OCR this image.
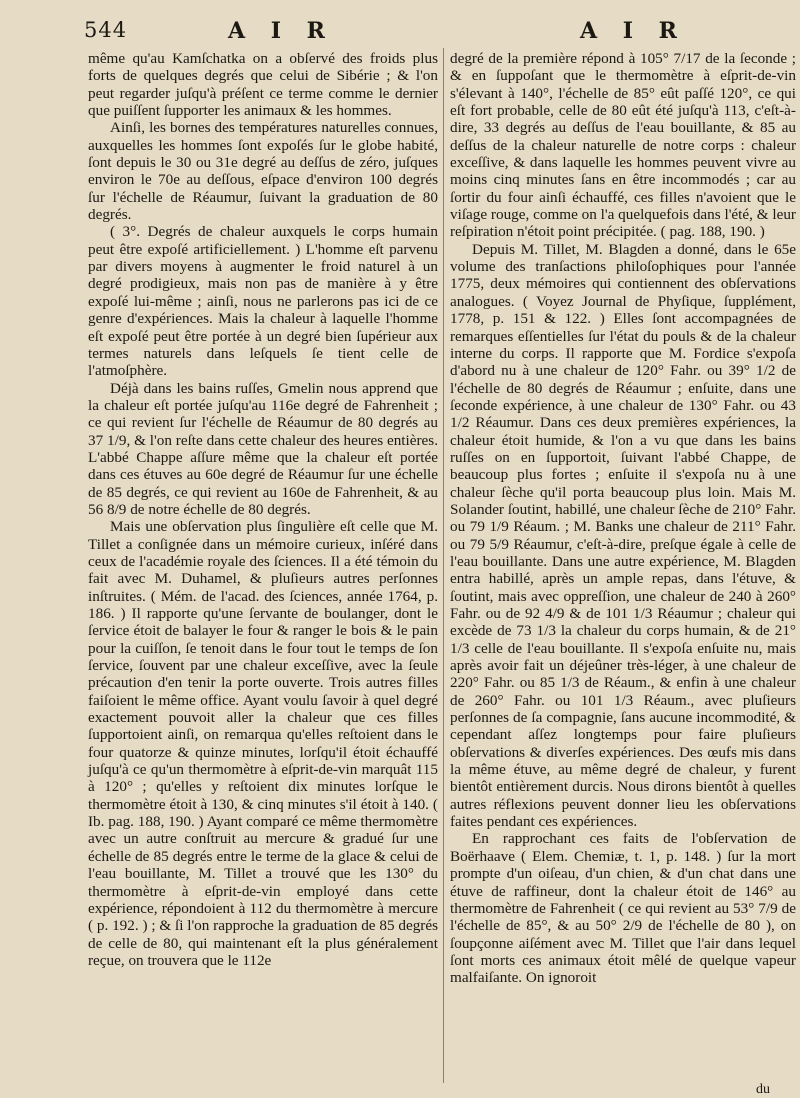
544	A I R	A I R

même qu'au Kamſchatka on a obſervé des froids plus forts de quelques degrés que celui de Sibérie ; & l'on peut regarder juſqu'à préſent ce terme comme le dernier que puiſſent ſupporter les animaux & les hommes.

Ainſi, les bornes des températures naturelles connues, auxquelles les hommes ſont expoſés ſur le globe habité, ſont depuis le 30 ou 31e degré au deſſus de zéro, juſques environ le 70e au deſſous, eſpace d'environ 100 degrés ſur l'échelle de Réaumur, ſuivant la graduation de 80 degrés.

( 3°. Degrés de chaleur auxquels le corps humain peut être expoſé artificiellement. ) L'homme eſt parvenu par divers moyens à augmenter le froid naturel à un degré prodigieux, mais non pas de manière à y être expoſé lui-même ; ainſi, nous ne parlerons pas ici de ce genre d'expériences. Mais la chaleur à laquelle l'homme eſt expoſé peut être portée à un degré bien ſupérieur aux termes naturels dans leſquels ſe tient celle de l'atmoſphère.

Déjà dans les bains ruſſes, Gmelin nous apprend que la chaleur eſt portée juſqu'au 116e degré de Fahrenheit ; ce qui revient ſur l'échelle de Réaumur de 80 degrés au 37 1/9, & l'on reſte dans cette chaleur des heures entières. L'abbé Chappe aſſure même que la chaleur eſt portée dans ces étuves au 60e degré de Réaumur ſur une échelle de 85 degrés, ce qui revient au 160e de Fahrenheit, & au 56 8/9 de notre échelle de 80 degrés.

Mais une obſervation plus ſingulière eſt celle que M. Tillet a conſignée dans un mémoire curieux, inſéré dans ceux de l'académie royale des ſciences. Il a été témoin du fait avec M. Duhamel, & pluſieurs autres perſonnes inſtruites. ( Mém. de l'acad. des ſciences, année 1764, p. 186. ) Il rapporte qu'une ſervante de boulanger, dont le ſervice étoit de balayer le four & ranger le bois & le pain pour la cuiſſon, ſe tenoit dans le four tout le temps de ſon ſervice, ſouvent par une chaleur exceſſive, avec la ſeule précaution d'en tenir la porte ouverte. Trois autres filles faiſoient le même office. Ayant voulu ſavoir à quel degré exactement pouvoit aller la chaleur que ces filles ſupportoient ainſi, on remarqua qu'elles reſtoient dans le four quatorze & quinze minutes, lorſqu'il étoit échauffé juſqu'à ce qu'un thermomètre à eſprit-de-vin marquât 115 à 120° ; qu'elles y reſtoient dix minutes lorſque le thermomètre étoit à 130, & cinq minutes s'il étoit à 140. ( Ib. pag. 188, 190. ) Ayant comparé ce même thermomètre avec un autre conſtruit au mercure & gradué ſur une échelle de 85 degrés entre le terme de la glace & celui de l'eau bouillante, M. Tillet a trouvé que les 130° du thermomètre à eſprit-de-vin employé dans cette expérience, répondoient à 112 du thermomètre à mercure ( p. 192. ) ; & ſi l'on rapproche la graduation de 85 degrés de celle de 80, qui maintenant eſt la plus généralement reçue, on trouvera que le 112e

degré de la première répond à 105° 7/17 de la ſeconde ; & en ſuppoſant que le thermomètre à eſprit-de-vin s'élevant à 140°, l'échelle de 85° eût paſſé 120°, ce qui eſt fort probable, celle de 80 eût été juſqu'à 113, c'eſt-à-dire, 33 degrés au deſſus de l'eau bouillante, & 85 au deſſus de la chaleur naturelle de notre corps : chaleur exceſſive, & dans laquelle les hommes peuvent vivre au moins cinq minutes ſans en être incommodés ; car au ſortir du four ainſi échauffé, ces filles n'avoient que le viſage rouge, comme on l'a quelquefois dans l'été, & leur reſpiration n'étoit point précipitée. ( pag. 188, 190. )

Depuis M. Tillet, M. Blagden a donné, dans le 65e volume des tranſactions philoſophiques pour l'année 1775, deux mémoires qui contiennent des obſervations analogues. ( Voyez Journal de Phyſique, ſupplément, 1778, p. 151 & 122. ) Elles ſont accompagnées de remarques eſſentielles ſur l'état du pouls & de la chaleur interne du corps. Il rapporte que M. Fordice s'expoſa d'abord nu à une chaleur de 120° Fahr. ou 39° 1/2 de l'échelle de 80 degrés de Réaumur ; enſuite, dans une ſeconde expérience, à une chaleur de 130° Fahr. ou 43 1/2 Réaumur. Dans ces deux premières expériences, la chaleur étoit humide, & l'on a vu que dans les bains ruſſes on en ſupportoit, ſuivant l'abbé Chappe, de beaucoup plus fortes ; enſuite il s'expoſa nu à une chaleur ſèche qu'il porta beaucoup plus loin. Mais M. Solander ſoutint, habillé, une chaleur ſèche de 210° Fahr. ou 79 1/9 Réaum. ; M. Banks une chaleur de 211° Fahr. ou 79 5/9 Réaumur, c'eſt-à-dire, preſque égale à celle de l'eau bouillante. Dans une autre expérience, M. Blagden entra habillé, après un ample repas, dans l'étuve, & ſoutint, mais avec oppreſſion, une chaleur de 240 à 260° Fahr. ou de 92 4/9 & de 101 1/3 Réaumur ; chaleur qui excède de 73 1/3 la chaleur du corps humain, & de 21° 1/3 celle de l'eau bouillante. Il s'expoſa enſuite nu, mais après avoir fait un déjeûner très-léger, à une chaleur de 220° Fahr. ou 85 1/3 de Réaum., & enfin à une chaleur de 260° Fahr. ou 101 1/3 Réaum., avec pluſieurs perſonnes de ſa compagnie, ſans aucune incommodité, & cependant aſſez longtemps pour faire pluſieurs obſervations & diverſes expériences. Des œufs mis dans la même étuve, au même degré de chaleur, y furent bientôt entièrement durcis. Nous dirons bientôt à quelles autres réflexions peuvent donner lieu les obſervations faites pendant ces expériences.

En rapprochant ces faits de l'obſervation de Boërhaave ( Elem. Chemiæ, t. 1, p. 148. ) ſur la mort prompte d'un oiſeau, d'un chien, & d'un chat dans une étuve de raffineur, dont la chaleur étoit de 146° au thermomètre de Fahrenheit ( ce qui revient au 53° 7/9 de l'échelle de 85°, & au 50° 2/9 de l'échelle de 80 ), on ſoupçonne aiſément avec M. Tillet que l'air dans lequel ſont morts ces animaux étoit mêlé de quelque vapeur malfaiſante. On ignoroit

du
